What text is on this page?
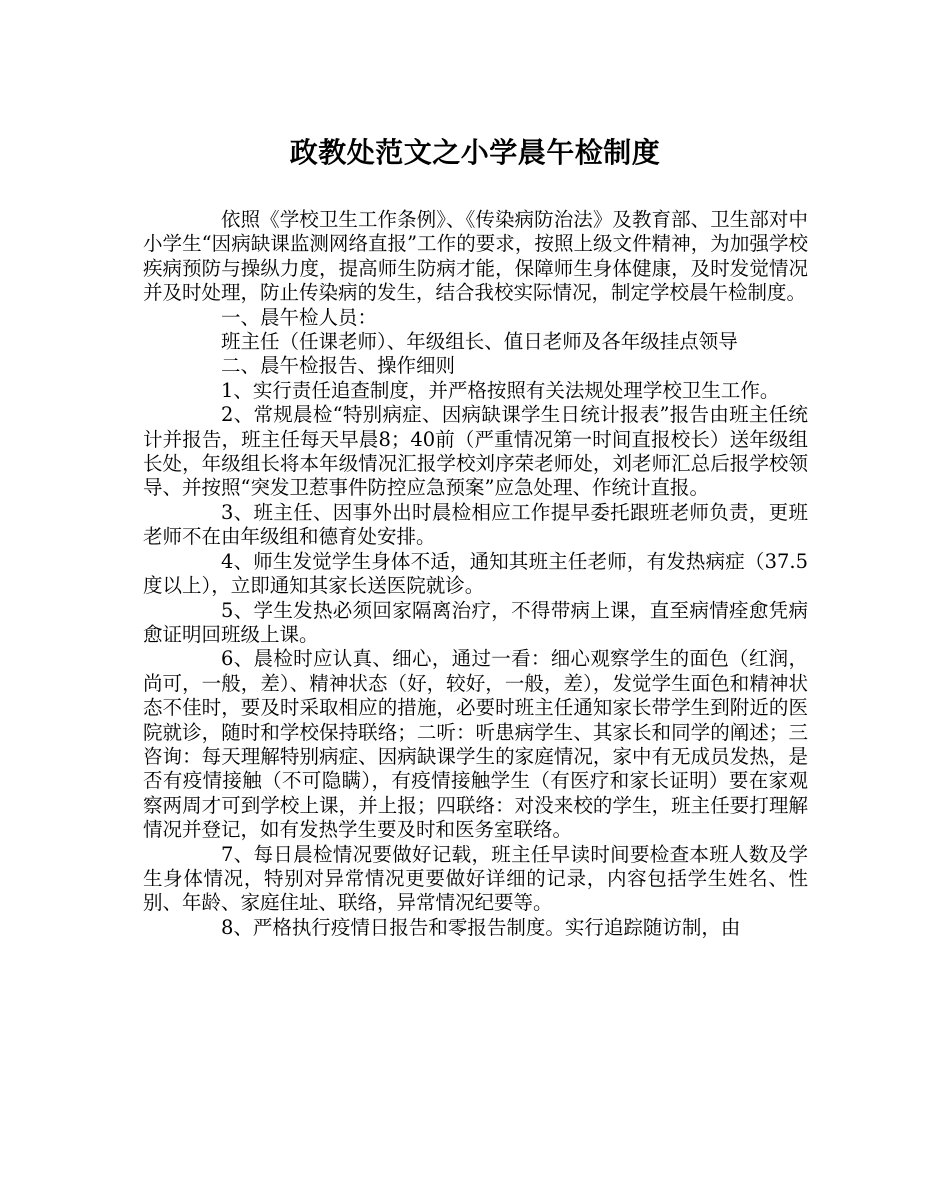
政教处范文之小学晨午检制度

依照《学校卫生工作条例》、《传染病防治法》及教育部、卫生部对中小学生“因病缺课监测网络直报”工作的要求，按照上级文件精神，为加强学校疾病预防与操纵力度，提高师生防病才能，保障师生身体健康，及时发觉情况并及时处理，防止传染病的发生，结合我校实际情况，制定学校晨午检制度。

一、晨午检人员：

班主任（任课老师）、年级组长、值日老师及各年级挂点领导

二、晨午检报告、操作细则

1、实行责任追查制度，并严格按照有关法规处理学校卫生工作。

2、常规晨检“特别病症、因病缺课学生日统计报表”报告由班主任统计并报告，班主任每天早晨8；40前（严重情况第一时间直报校长）送年级组长处，年级组长将本年级情况汇报学校刘序荣老师处，刘老师汇总后报学校领导、并按照“突发卫惹事件防控应急预案”应急处理、作统计直报。

3、班主任、因事外出时晨检相应工作提早委托跟班老师负责，更班老师不在由年级组和德育处安排。

4、师生发觉学生身体不适，通知其班主任老师，有发热病症（37.5度以上），立即通知其家长送医院就诊。

5、学生发热必须回家隔离治疗，不得带病上课，直至病情痊愈凭病愈证明回班级上课。

6、晨检时应认真、细心，通过一看：细心观察学生的面色（红润，尚可，一般，差）、精神状态（好，较好，一般，差），发觉学生面色和精神状态不佳时，要及时采取相应的措施，必要时班主任通知家长带学生到附近的医院就诊，随时和学校保持联络；二听：听患病学生、其家长和同学的阐述；三咨询：每天理解特别病症、因病缺课学生的家庭情况，家中有无成员发热，是否有疫情接触（不可隐瞒），有疫情接触学生（有医疗和家长证明）要在家观察两周才可到学校上课，并上报；四联络：对没来校的学生，班主任要打理解情况并登记，如有发热学生要及时和医务室联络。

7、每日晨检情况要做好记载，班主任早读时间要检查本班人数及学生身体情况，特别对异常情况更要做好详细的记录，内容包括学生姓名、性别、年龄、家庭住址、联络，异常情况纪要等。

8、严格执行疫情日报告和零报告制度。实行追踪随访制，由
